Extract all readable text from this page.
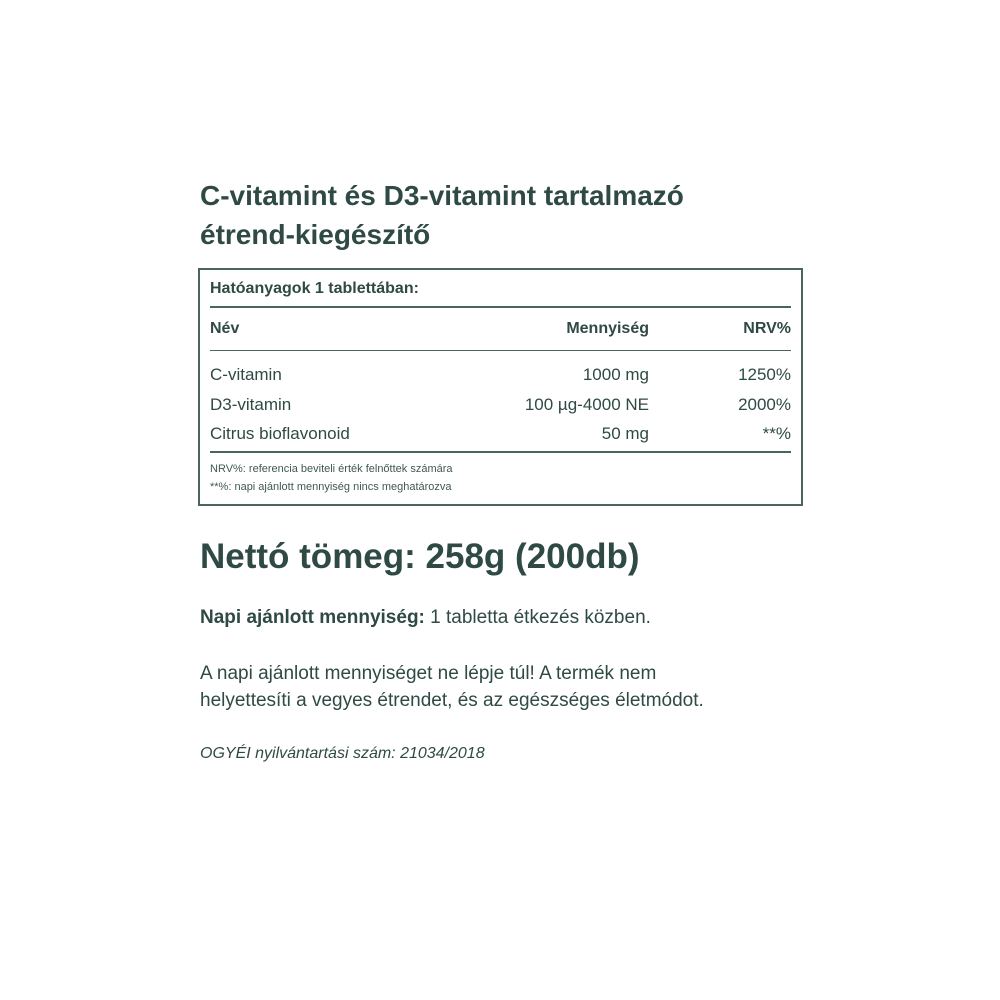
C-vitamint és D3-vitamint tartalmazó
étrend-kiegészítő
Hatóanyagok 1 tablettában:
Név	Mennyiség	NRV%
C-vitamin	1000 mg	1250%
D3-vitamin	100 µg-4000 NE	2000%
Citrus bioflavonoid	50 mg	**%
NRV%: referencia beviteli érték felnőttek számára
**%: napi ajánlott mennyiség nincs meghatározva
Nettó tömeg: 258g (200db)
Napi ajánlott mennyiség: 1 tabletta étkezés közben.
A napi ajánlott mennyiséget ne lépje túl! A termék nem
helyettesíti a vegyes étrendet, és az egészséges életmódot.
OGYÉI nyilvántartási szám: 21034/2018
